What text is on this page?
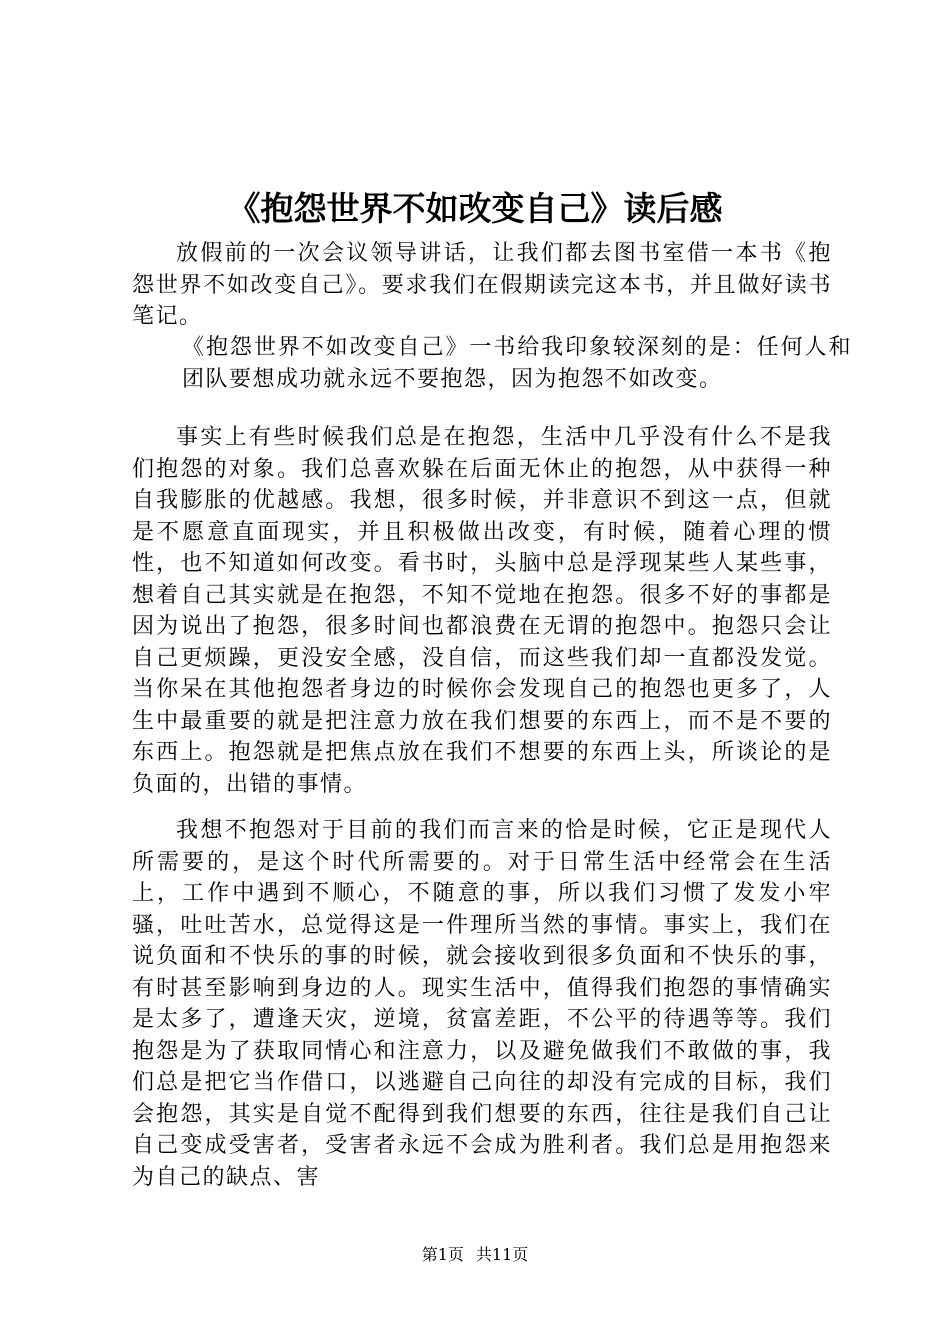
《抱怨世界不如改变自己》读后感

放假前的一次会议领导讲话，让我们都去图书室借一本书《抱怨世界不如改变自己》。要求我们在假期读完这本书，并且做好读书笔记。

《抱怨世界不如改变自己》一书给我印象较深刻的是：任何人和团队要想成功就永远不要抱怨，因为抱怨不如改变。

事实上有些时候我们总是在抱怨，生活中几乎没有什么不是我们抱怨的对象。我们总喜欢躲在后面无休止的抱怨，从中获得一种自我膨胀的优越感。我想，很多时候，并非意识不到这一点，但就是不愿意直面现实，并且积极做出改变，有时候，随着心理的惯性，也不知道如何改变。看书时，头脑中总是浮现某些人某些事，想着自己其实就是在抱怨，不知不觉地在抱怨。很多不好的事都是因为说出了抱怨，很多时间也都浪费在无谓的抱怨中。抱怨只会让自己更烦躁，更没安全感，没自信，而这些我们却一直都没发觉。当你呆在其他抱怨者身边的时候你会发现自己的抱怨也更多了，人生中最重要的就是把注意力放在我们想要的东西上，而不是不要的东西上。抱怨就是把焦点放在我们不想要的东西上头，所谈论的是负面的，出错的事情。

我想不抱怨对于目前的我们而言来的恰是时候，它正是现代人所需要的，是这个时代所需要的。对于日常生活中经常会在生活上，工作中遇到不顺心，不随意的事，所以我们习惯了发发小牢骚，吐吐苦水，总觉得这是一件理所当然的事情。事实上，我们在说负面和不快乐的事的时候，就会接收到很多负面和不快乐的事，有时甚至影响到身边的人。现实生活中，值得我们抱怨的事情确实是太多了，遭逢天灾，逆境，贫富差距，不公平的待遇等等。我们抱怨是为了获取同情心和注意力，以及避免做我们不敢做的事，我们总是把它当作借口，以逃避自己向往的却没有完成的目标，我们会抱怨，其实是自觉不配得到我们想要的东西，往往是我们自己让自己变成受害者，受害者永远不会成为胜利者。我们总是用抱怨来为自己的缺点、害

第1页 共11页
